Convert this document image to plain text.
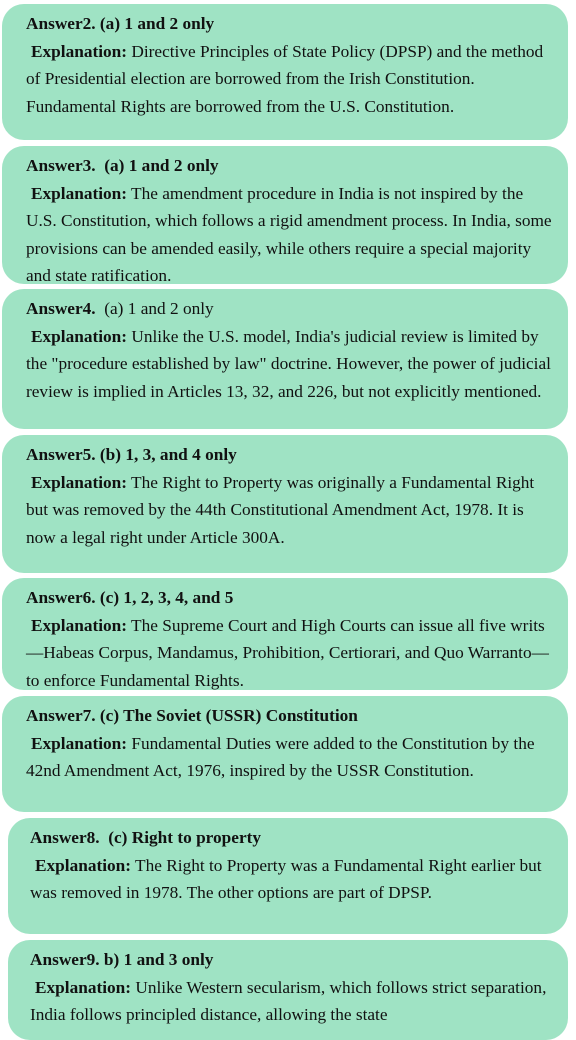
Answer2. (a) 1 and 2 only
Explanation: Directive Principles of State Policy (DPSP) and the method of Presidential election are borrowed from the Irish Constitution. Fundamental Rights are borrowed from the U.S. Constitution.
Answer3.  (a) 1 and 2 only
Explanation: The amendment procedure in India is not inspired by the U.S. Constitution, which follows a rigid amendment process. In India, some provisions can be amended easily, while others require a special majority and state ratification.
Answer4.  (a) 1 and 2 only
Explanation: Unlike the U.S. model, India's judicial review is limited by the "procedure established by law" doctrine. However, the power of judicial review is implied in Articles 13, 32, and 226, but not explicitly mentioned.
Answer5. (b) 1, 3, and 4 only
Explanation: The Right to Property was originally a Fundamental Right but was removed by the 44th Constitutional Amendment Act, 1978. It is now a legal right under Article 300A.
Answer6. (c) 1, 2, 3, 4, and 5
Explanation: The Supreme Court and High Courts can issue all five writs—Habeas Corpus, Mandamus, Prohibition, Certiorari, and Quo Warranto—to enforce Fundamental Rights.
Answer7. (c) The Soviet (USSR) Constitution
Explanation: Fundamental Duties were added to the Constitution by the 42nd Amendment Act, 1976, inspired by the USSR Constitution.
Answer8.  (c) Right to property
Explanation: The Right to Property was a Fundamental Right earlier but was removed in 1978. The other options are part of DPSP.
Answer9. b) 1 and 3 only
Explanation: Unlike Western secularism, which follows strict separation, India follows principled distance, allowing the state
